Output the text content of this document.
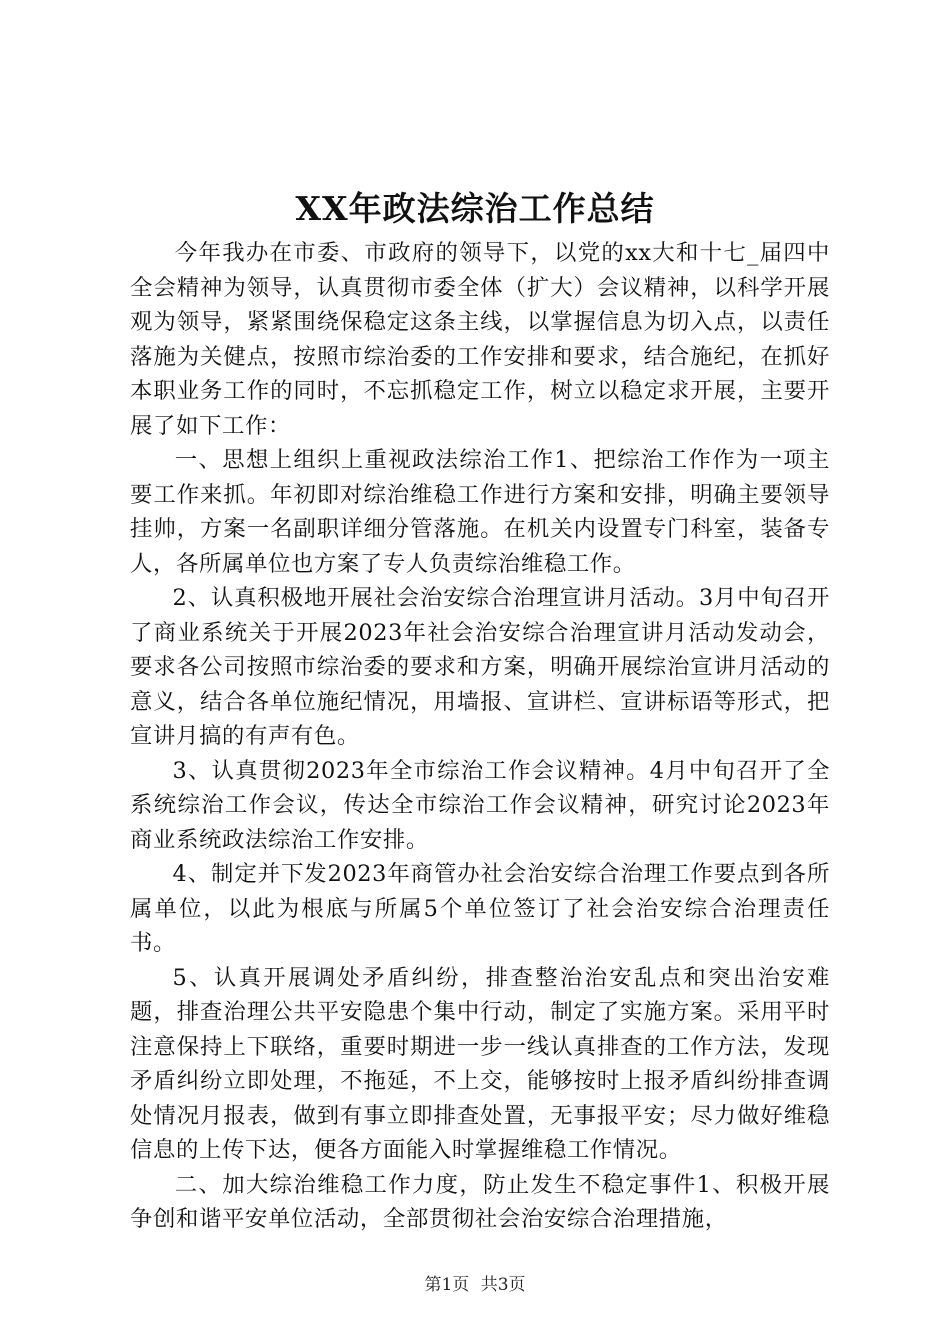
XX年政法综治工作总结

今年我办在市委、市政府的领导下，以党的xx大和十七_届四中全会精神为领导，认真贯彻市委全体（扩大）会议精神，以科学开展观为领导，紧紧围绕保稳定这条主线，以掌握信息为切入点，以责任落施为关健点，按照市综治委的工作安排和要求，结合施纪，在抓好本职业务工作的同时，不忘抓稳定工作，树立以稳定求开展，主要开展了如下工作：

一、思想上组织上重视政法综治工作1、把综治工作作为一项主要工作来抓。年初即对综治维稳工作进行方案和安排，明确主要领导挂帅，方案一名副职详细分管落施。在机关内设置专门科室，装备专人，各所属单位也方案了专人负责综治维稳工作。

2、认真积极地开展社会治安综合治理宣讲月活动。3月中旬召开了商业系统关于开展2023年社会治安综合治理宣讲月活动发动会，要求各公司按照市综治委的要求和方案，明确开展综治宣讲月活动的意义，结合各单位施纪情况，用墙报、宣讲栏、宣讲标语等形式，把宣讲月搞的有声有色。

3、认真贯彻2023年全市综治工作会议精神。4月中旬召开了全系统综治工作会议，传达全市综治工作会议精神，研究讨论2023年商业系统政法综治工作安排。

4、制定并下发2023年商管办社会治安综合治理工作要点到各所属单位，以此为根底与所属5个单位签订了社会治安综合治理责任书。

5、认真开展调处矛盾纠纷，排查整治治安乱点和突出治安难题，排查治理公共平安隐患个集中行动，制定了实施方案。采用平时注意保持上下联络，重要时期进一步一线认真排查的工作方法，发现矛盾纠纷立即处理，不拖延，不上交，能够按时上报矛盾纠纷排查调处情况月报表，做到有事立即排查处置，无事报平安；尽力做好维稳信息的上传下达，便各方面能入时掌握维稳工作情况。

二、加大综治维稳工作力度，防止发生不稳定事件1、积极开展争创和谐平安单位活动，全部贯彻社会治安综合治理措施，

第1页 共3页
